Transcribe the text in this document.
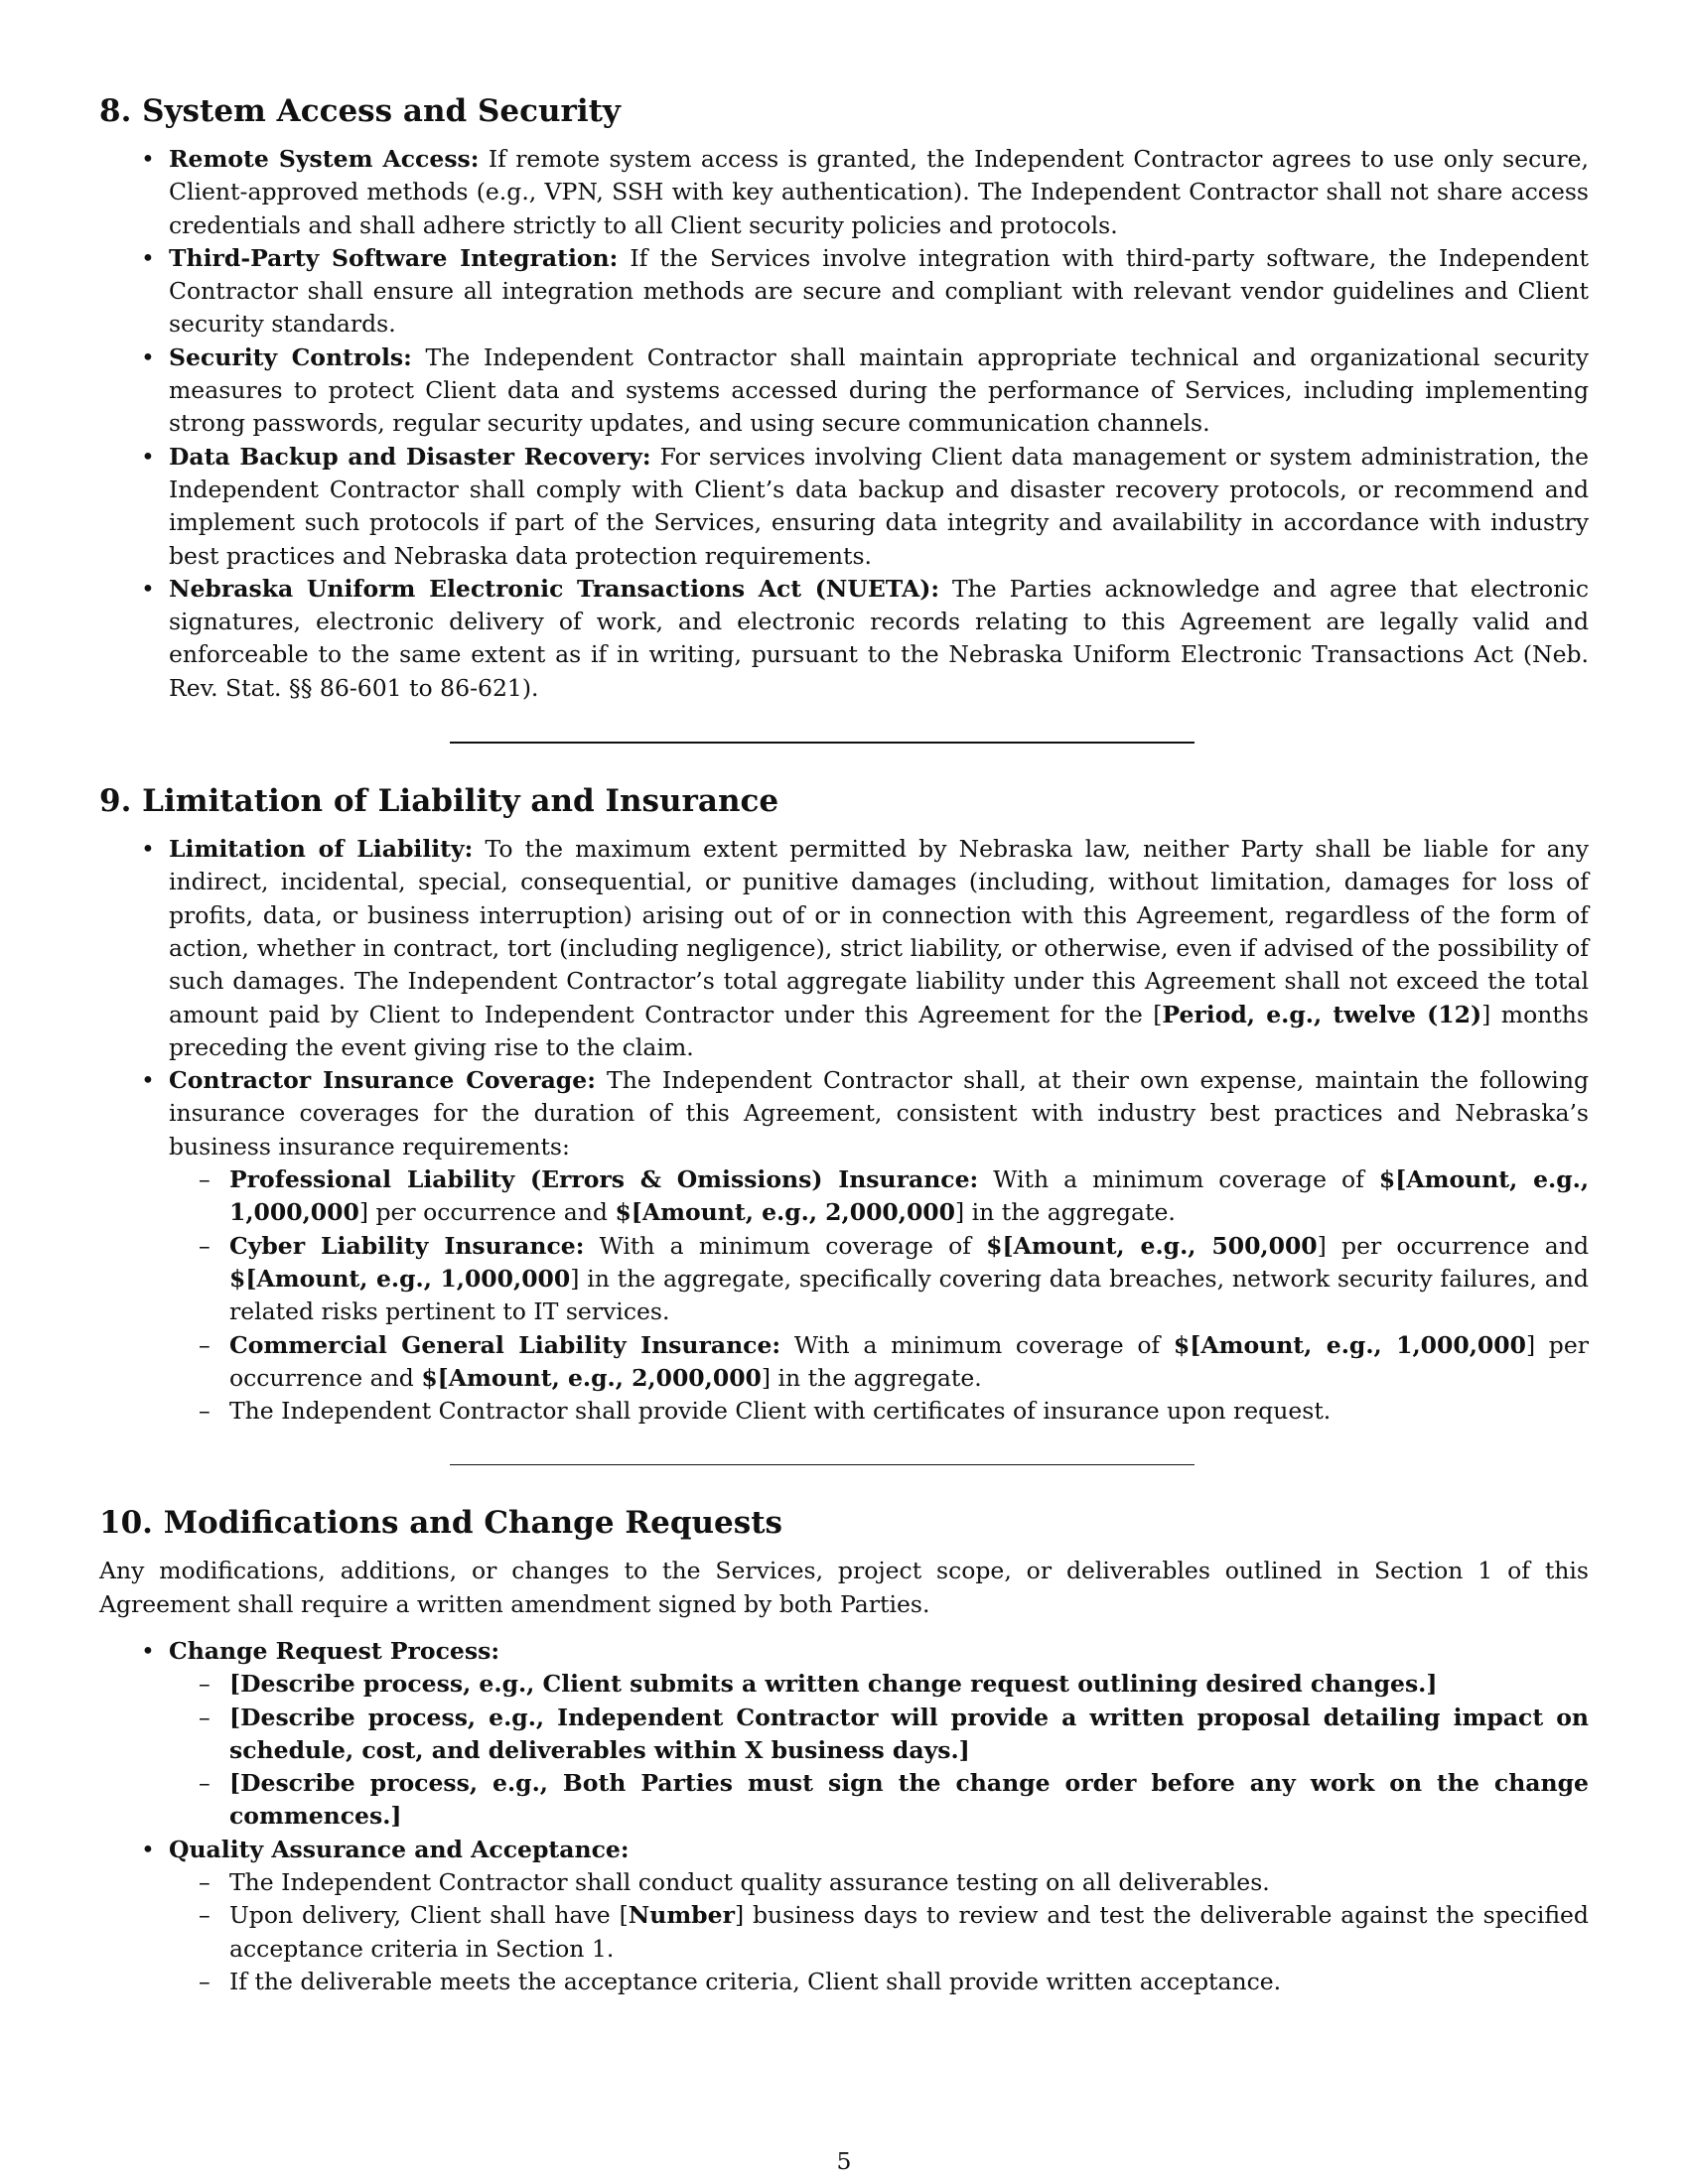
8. System Access and Security
• Remote System Access: If remote system access is granted, the Independent Contractor agrees to use only secure, Client-approved methods (e.g., VPN, SSH with key authentication). The Independent Contractor shall not share access credentials and shall adhere strictly to all Client security policies and protocols.
• Third-Party Software Integration: If the Services involve integration with third-party software, the Independent Contractor shall ensure all integration methods are secure and compliant with relevant vendor guidelines and Client security standards.
• Security Controls: The Independent Contractor shall maintain appropriate technical and organizational security measures to protect Client data and systems accessed during the performance of Services, including implementing strong passwords, regular security updates, and using secure communication channels.
• Data Backup and Disaster Recovery: For services involving Client data management or system administration, the Independent Contractor shall comply with Client’s data backup and disaster recovery protocols, or recommend and implement such protocols if part of the Services, ensuring data integrity and availability in accordance with industry best practices and Nebraska data protection requirements.
• Nebraska Uniform Electronic Transactions Act (NUETA): The Parties acknowledge and agree that electronic signatures, electronic delivery of work, and electronic records relating to this Agreement are legally valid and enforceable to the same extent as if in writing, pursuant to the Nebraska Uniform Electronic Transactions Act (Neb. Rev. Stat. §§ 86-601 to 86-621).
9. Limitation of Liability and Insurance
• Limitation of Liability: To the maximum extent permitted by Nebraska law, neither Party shall be liable for any indirect, incidental, special, consequential, or punitive damages (including, without limitation, damages for loss of profits, data, or business interruption) arising out of or in connection with this Agreement, regardless of the form of action, whether in contract, tort (including negligence), strict liability, or otherwise, even if advised of the possibility of such damages. The Independent Contractor’s total aggregate liability under this Agreement shall not exceed the total amount paid by Client to Independent Contractor under this Agreement for the [Period, e.g., twelve (12)] months preceding the event giving rise to the claim.
• Contractor Insurance Coverage: The Independent Contractor shall, at their own expense, maintain the following insurance coverages for the duration of this Agreement, consistent with industry best practices and Nebraska’s business insurance requirements:
– Professional Liability (Errors & Omissions) Insurance: With a minimum coverage of $[Amount, e.g., 1,000,000] per occurrence and $[Amount, e.g., 2,000,000] in the aggregate.
– Cyber Liability Insurance: With a minimum coverage of $[Amount, e.g., 500,000] per occurrence and $[Amount, e.g., 1,000,000] in the aggregate, specifically covering data breaches, network security failures, and related risks pertinent to IT services.
– Commercial General Liability Insurance: With a minimum coverage of $[Amount, e.g., 1,000,000] per occurrence and $[Amount, e.g., 2,000,000] in the aggregate.
– The Independent Contractor shall provide Client with certificates of insurance upon request.
10. Modifications and Change Requests

Any modifications, additions, or changes to the Services, project scope, or deliverables outlined in Section 1 of this Agreement shall require a written amendment signed by both Parties.

• Change Request Process:
– [Describe process, e.g., Client submits a written change request outlining desired changes.]
– [Describe process, e.g., Independent Contractor will provide a written proposal detailing impact on schedule, cost, and deliverables within X business days.]
– [Describe process, e.g., Both Parties must sign the change order before any work on the change commences.]
• Quality Assurance and Acceptance:
– The Independent Contractor shall conduct quality assurance testing on all deliverables.
– Upon delivery, Client shall have [Number] business days to review and test the deliverable against the specified acceptance criteria in Section 1.
– If the deliverable meets the acceptance criteria, Client shall provide written acceptance.
5
